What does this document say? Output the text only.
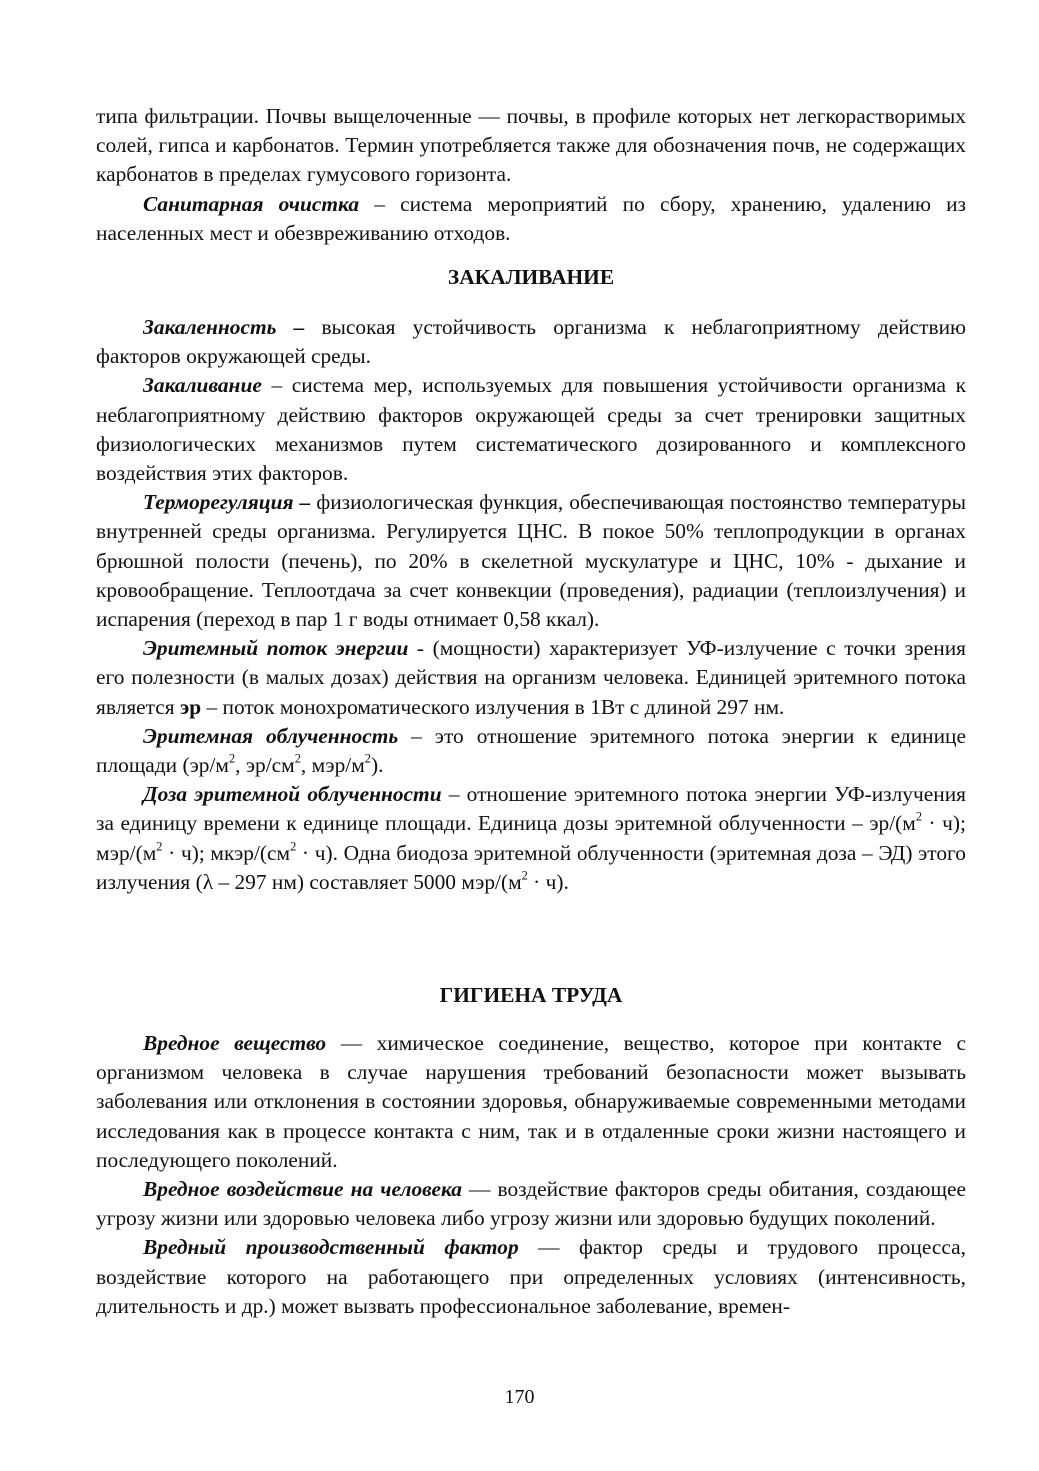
типа фильтрации. Почвы выщелоченные — почвы, в профиле которых нет легкорастворимых солей, гипса и карбонатов. Термин употребляется также для обозначения почв, не содержащих карбонатов в пределах гумусового горизонта.

Санитарная очистка – система мероприятий по сбору, хранению, удалению из населенных мест и обезвреживанию отходов.

ЗАКАЛИВАНИЕ

Закаленность – высокая устойчивость организма к неблагоприятному действию факторов окружающей среды.

Закаливание – система мер, используемых для повышения устойчивости организма к неблагоприятному действию факторов окружающей среды за счет тренировки защитных физиологических механизмов путем систематического дозированного и комплексного воздействия этих факторов.

Терморегуляция – физиологическая функция, обеспечивающая постоянство температуры внутренней среды организма. Регулируется ЦНС. В покое 50% теплопродукции в органах брюшной полости (печень), по 20% в скелетной мускулатуре и ЦНС, 10% - дыхание и кровообращение. Теплоотдача за счет конвекции (проведения), радиации (теплоизлучения) и испарения (переход в пар 1 г воды отнимает 0,58 ккал).

Эритемный поток энергии - (мощности) характеризует УФ-излучение с точки зрения его полезности (в малых дозах) действия на организм человека. Единицей эритемного потока является эр – поток монохроматического излучения в 1Вт с длиной 297 нм.

Эритемная облученность – это отношение эритемного потока энергии к единице площади ($эр/м^2$, $эр/см^2$, мэр/$м^2$).

Доза эритемной облученности – отношение эритемного потока энергии УФ-излучения за единицу времени к единице площади. Единица дозы эритемной облученности – $эр/(м^2 \cdot ч)$; мэр/$(м^2 \cdot ч)$; мкэр/$(см^2 \cdot ч)$. Одна биодоза эритемной облученности (эритемная доза – ЭД) этого излучения (λ – 297 нм) составляет 5000 мэр/$(м^2 \cdot ч)$.

ГИГИЕНА ТРУДА

Вредное вещество — химическое соединение, вещество, которое при контакте с организмом человека в случае нарушения требований безопасности может вызывать заболевания или отклонения в состоянии здоровья, обнаруживаемые современными методами исследования как в процессе контакта с ним, так и в отдаленные сроки жизни настоящего и последующего поколений.

Вредное воздействие на человека — воздействие факторов среды обитания, создающее угрозу жизни или здоровью человека либо угрозу жизни или здоровью будущих поколений.

Вредный производственный фактор — фактор среды и трудового процесса, воздействие которого на работающего при определенных условиях (интенсивность, длительность и др.) может вызвать профессиональное заболевание, времен-

170
